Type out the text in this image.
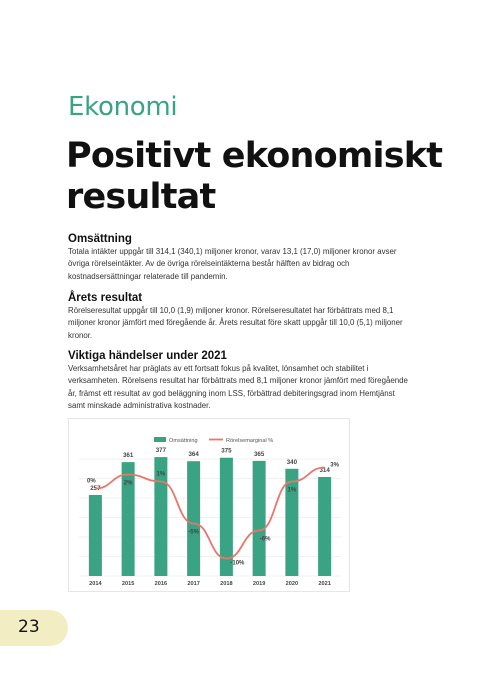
Ekonomi
Positivt ekonomiskt resultat
Omsättning

Totala intäkter uppgår till 314,1 (340,1) miljoner kronor, varav 13,1 (17,0) miljoner kronor avser övriga rörelseintäkter. Av de övriga rörelseintäkterna består hälften av bidrag och kostnadsersättningar relaterade till pandemin.

Årets resultat

Rörelseresultat uppgår till 10,0 (1,9) miljoner kronor. Rörelseresultatet har förbättrats med 8,1 miljoner kronor jämfört med föregående år. Årets resultat före skatt uppgår till 10,0 (5,1) miljoner kronor.

Viktiga händelser under 2021

Verksamhetsåret har präglats av ett fortsatt fokus på kvalitet, lönsamhet och stabilitet i verksamheten. Rörelsens resultat har förbättrats med 8,1 miljoner kronor jämfört med föregående år, främst ett resultat av god beläggning inom LSS, förbättrad debiteringsgrad inom Hemtjänst samt minskade administrativa kostnader.

Omsättning	Rörelsemarginal %
257
2014
361
2015
377
2016
364
2017
375
2018
365
2019
340
2020
314
2021
0%	2%
1%
-5%
-10%
-6%
1%
3%
23
